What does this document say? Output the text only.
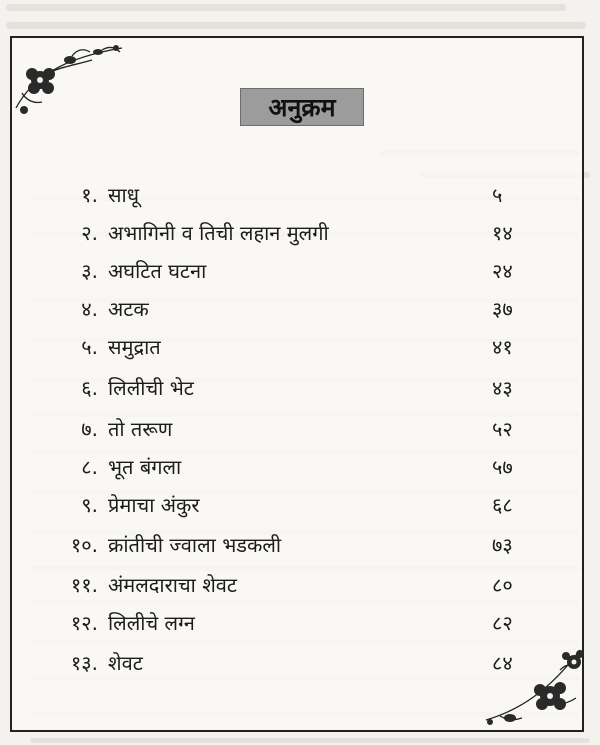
अनुक्रम
१. साधू	५
२. अभागिनी व तिची लहान मुलगी	१४
३. अघटित घटना	२४
४. अटक	३७
५. समुद्रात	४१
६. लिलीची भेट	४३
७. तो तरूण	५२
८. भूत बंगला	५७
९. प्रेमाचा अंकुर	६८
१०. क्रांतीची ज्वाला भडकली	७३
११. अंमलदाराचा शेवट	८०
१२. लिलीचे लग्न	८२
१३. शेवट	८४
